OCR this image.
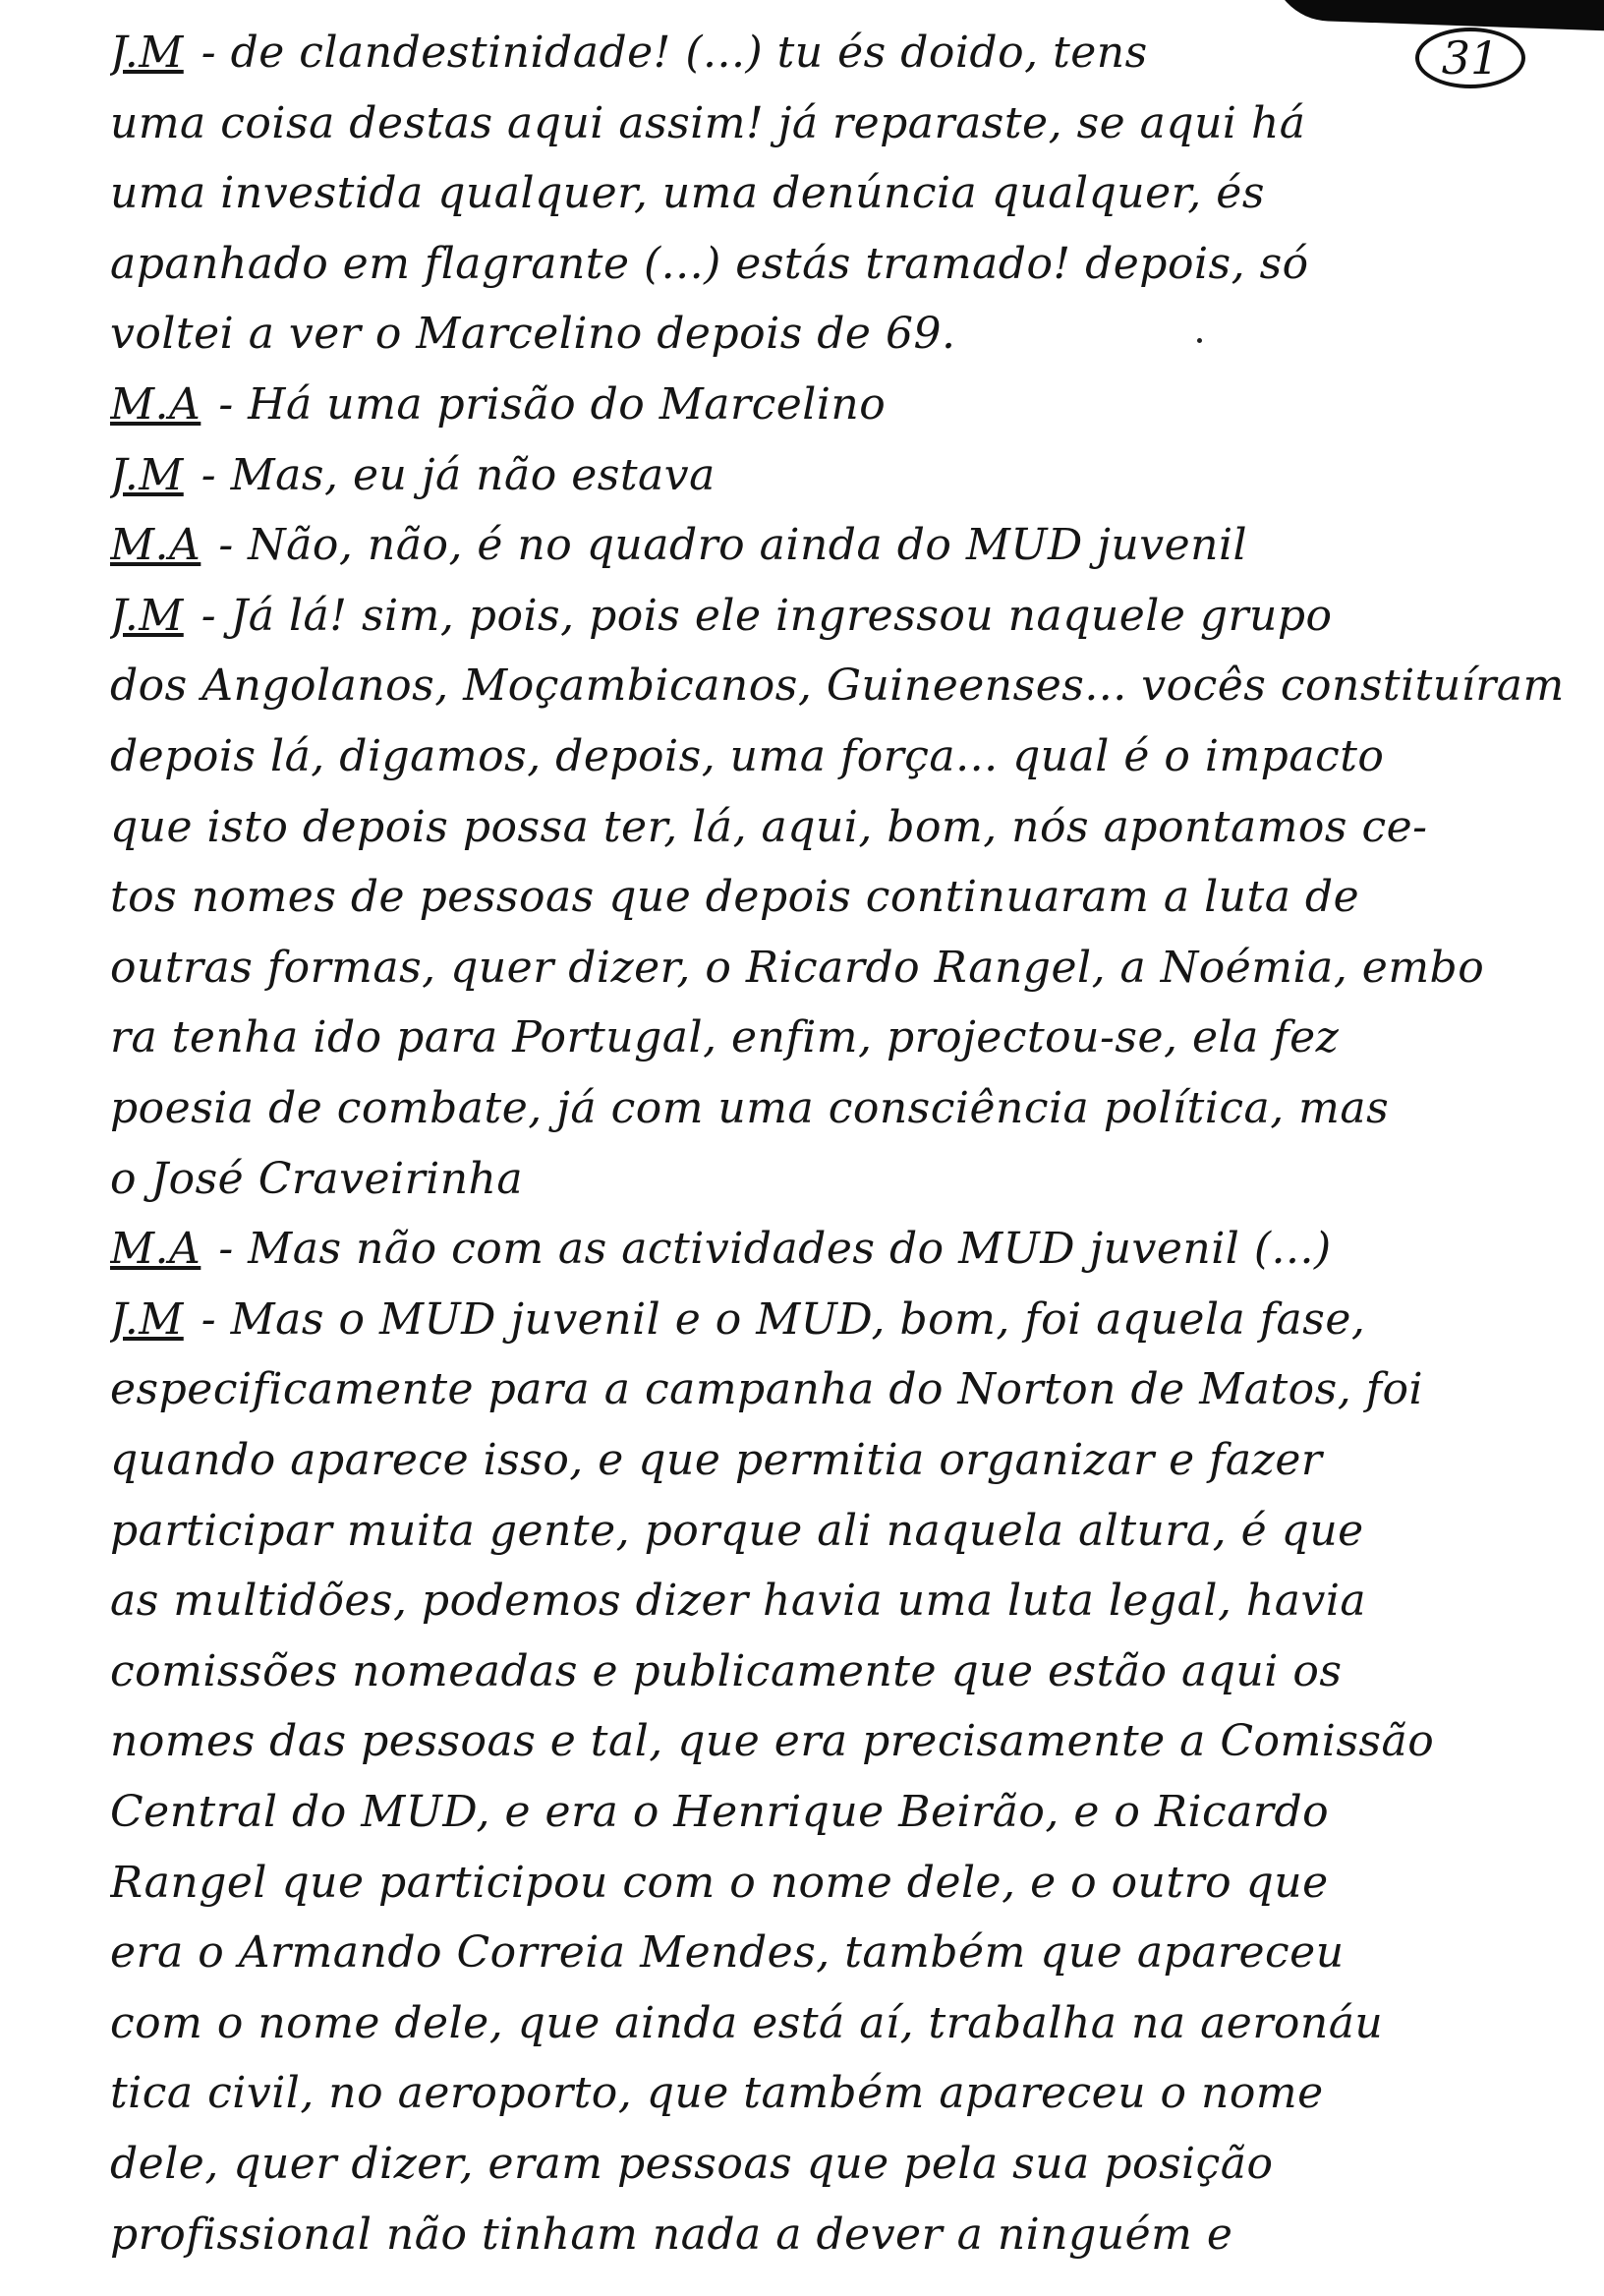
31
J.M - de clandestinidade! (...) tu és doido, tens
uma coisa destas aqui assim! já reparaste, se aqui há
uma investida qualquer, uma denúncia qualquer, és
apanhado em flagrante (...) estás tramado! depois, só
voltei a ver o Marcelino depois de 69.
M.A - Há uma prisão do Marcelino
J.M - Mas, eu já não estava
M.A - Não, não, é no quadro ainda do MUD juvenil
J.M - Já lá! sim, pois, pois ele ingressou naquele grupo
dos Angolanos, Moçambicanos, Guineenses... vocês constituíram
depois lá, digamos, depois, uma força... qual é o impacto
que isto depois possa ter, lá, aqui, bom, nós apontamos ce-
tos nomes de pessoas que depois continuaram a luta de
outras formas, quer dizer, o Ricardo Rangel, a Noémia, embo
ra tenha ido para Portugal, enfim, projectou-se, ela fez
poesia de combate, já com uma consciência política, mas
o José Craveirinha
M.A - Mas não com as actividades do MUD juvenil (...)
J.M - Mas o MUD juvenil e o MUD, bom, foi aquela fase,
especificamente para a campanha do Norton de Matos, foi
quando aparece isso, e que permitia organizar e fazer
participar muita gente, porque ali naquela altura, é que
as multidões, podemos dizer havia uma luta legal, havia
comissões nomeadas e publicamente que estão aqui os
nomes das pessoas e tal, que era precisamente a Comissão
Central do MUD, e era o Henrique Beirão, e o Ricardo
Rangel que participou com o nome dele, e o outro que
era o Armando Correia Mendes, também que apareceu
com o nome dele, que ainda está aí, trabalha na aeronáu
tica civil, no aeroporto, que também apareceu o nome
dele, quer dizer, eram pessoas que pela sua posição
profissional não tinham nada a dever a ninguém e
